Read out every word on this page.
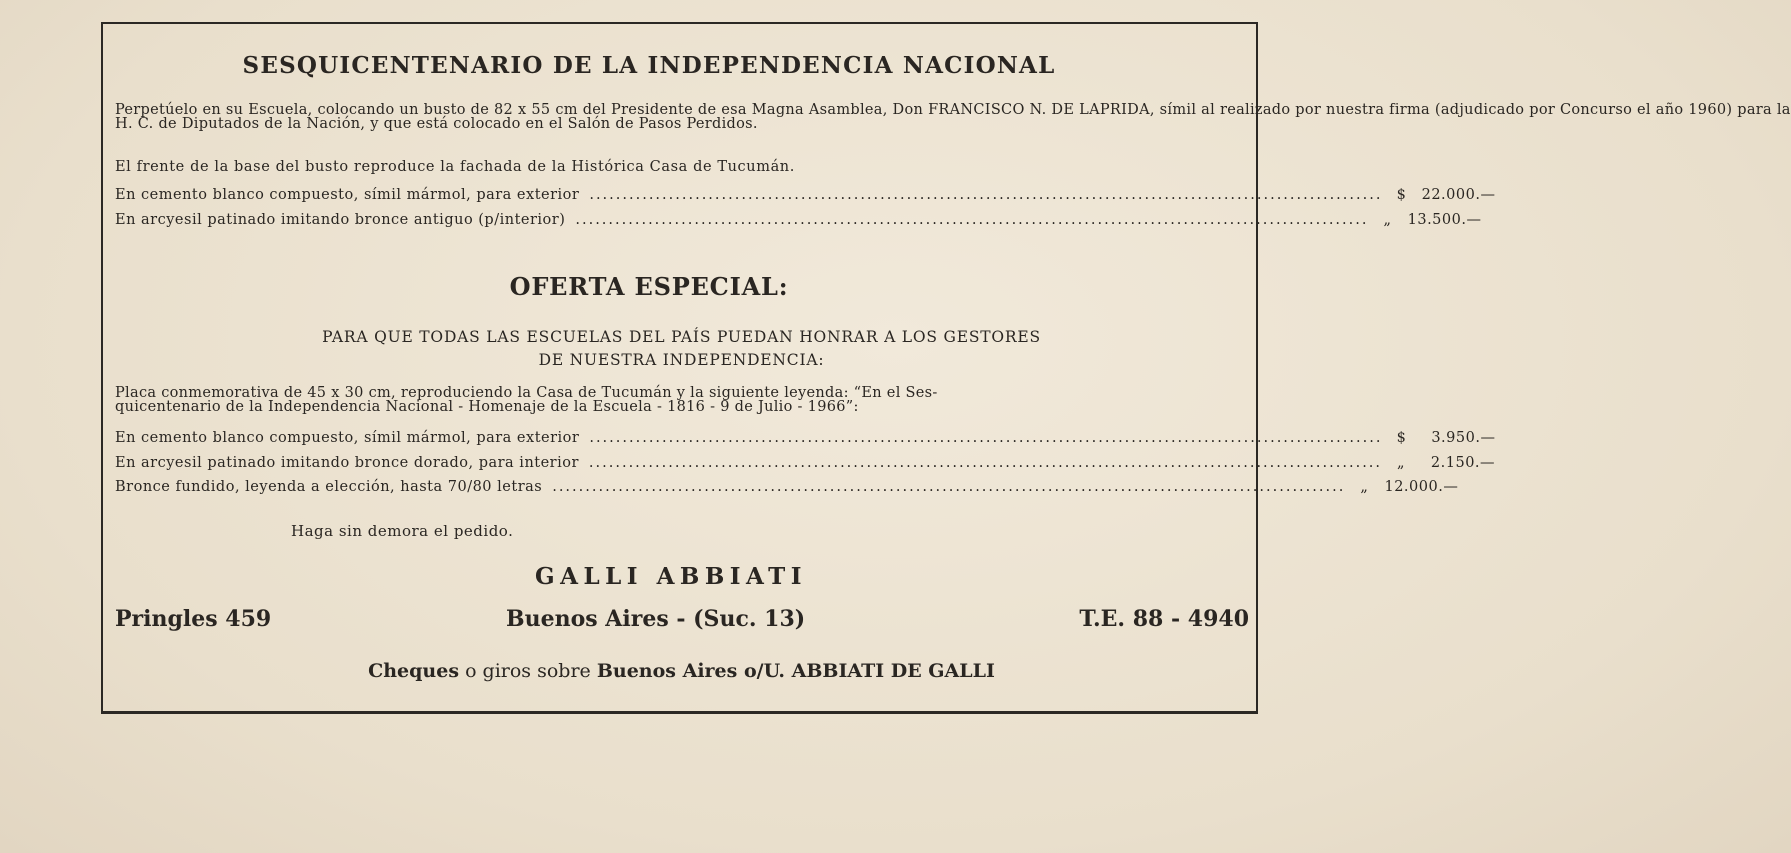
SESQUICENTENARIO DE LA INDEPENDENCIA NACIONAL
Perpetúelo en su Escuela, colocando un busto de 82 x 55 cm del Presidente de esa Magna Asamblea, Don FRANCISCO N. DE LAPRIDA, símil al realizado por nuestra firma (adjudicado por Concurso el año 1960) para la
H. C. de Diputados de la Nación, y que está colocado en el Salón de Pasos Perdidos.
El frente de la base del busto reproduce la fachada de la Histórica Casa de Tucumán.
En cemento blanco compuesto, símil mármol, para exterior ........................................................................................................................ $	22.000.—
En arcyesil patinado imitando bronce antiguo (p/interior) ........................................................................................................................	„	13.500.—
OFERTA ESPECIAL:
PARA QUE TODAS LAS ESCUELAS DEL PAÍS PUEDAN HONRAR A LOS GESTORES
DE NUESTRA INDEPENDENCIA:
Placa conmemorativa de 45 x 30 cm, reproduciendo la Casa de Tucumán y la siguiente leyenda: “En el Ses-
quicentenario de la Independencia Nacional - Homenaje de la Escuela - 1816 - 9 de Julio - 1966”:
En cemento blanco compuesto, símil mármol, para exterior ........................................................................................................................ $	3.950.—
En arcyesil patinado imitando bronce dorado, para interior ........................................................................................................................	„	2.150.—
Bronce fundido, leyenda a elección, hasta 70/80 letras ........................................................................................................................	„	12.000.—
Haga sin demora el pedido.
GALLI ABBIATI
Pringles 459	Buenos Aires - (Suc. 13)	T.E. 88 - 4940
Cheques o giros sobre Buenos Aires o/U. ABBIATI DE GALLI
